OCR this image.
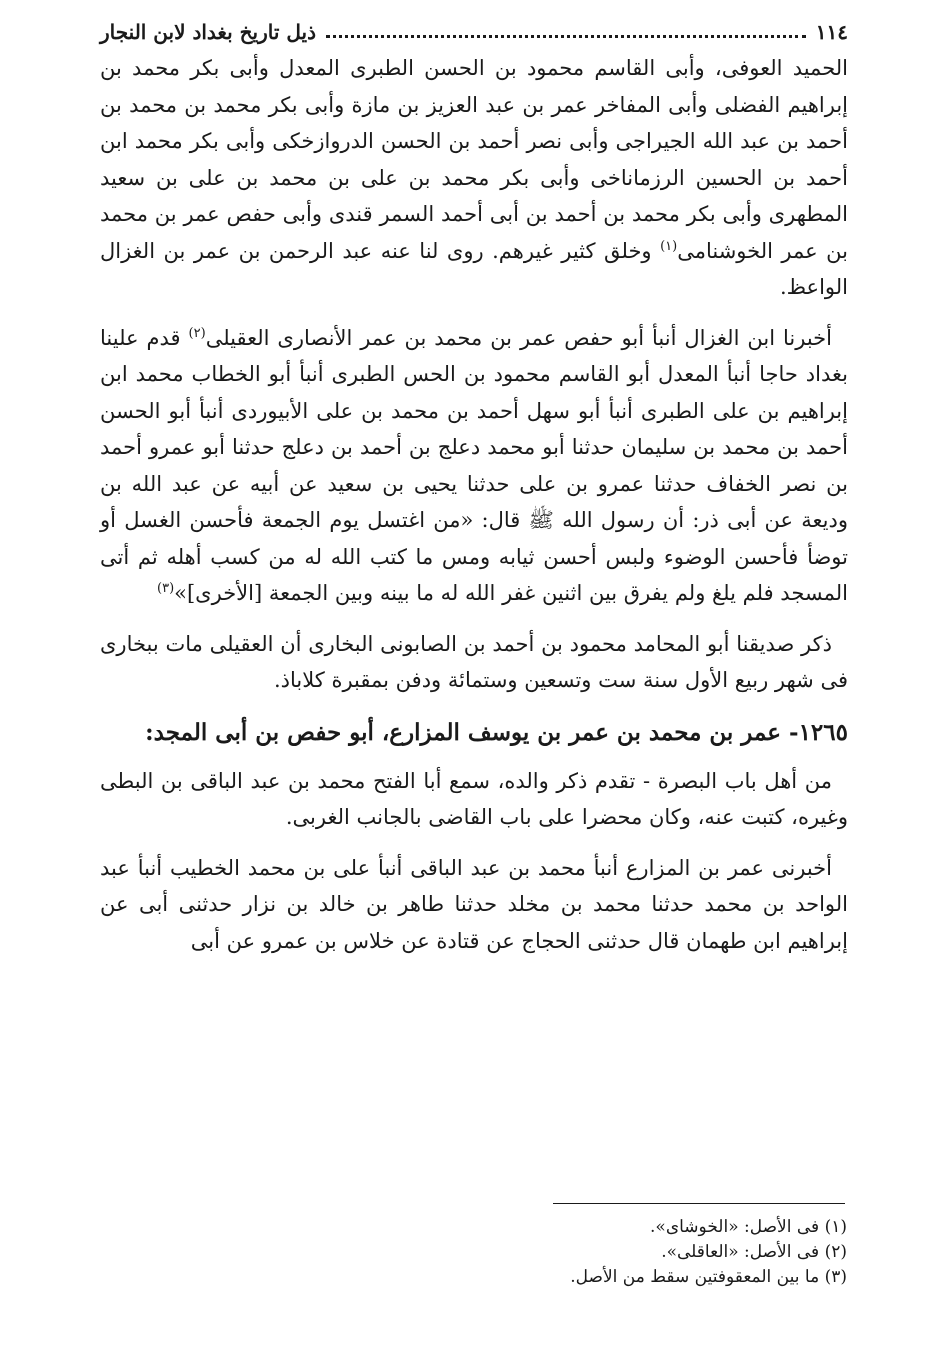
١١٤
ذيل تاريخ بغداد لابن النجار

الحميد العوفى، وأبى القاسم محمود بن الحسن الطبرى المعدل وأبى بكر محمد بن إبراهيم الفضلى وأبى المفاخر عمر بن عبد العزيز بن مازة وأبى بكر محمد بن محمد بن أحمد بن عبد الله الجيراجى وأبى نصر أحمد بن الحسن الدروازخكى وأبى بكر محمد ابن أحمد بن الحسين الرزماناخى وأبى بكر محمد بن على بن محمد بن على بن سعيد المطهرى وأبى بكر محمد بن أحمد بن أبى أحمد السمر قندى وأبى حفص عمر بن محمد بن عمر الخوشنامى$^{(١)}$ وخلق كثير غيرهم. روى لنا عنه عبد الرحمن بن عمر بن الغزال الواعظ.

أخبرنا ابن الغزال أنبأ أبو حفص عمر بن محمد بن عمر الأنصارى العقيلى$^{(٢)}$ قدم علينا بغداد حاجا أنبأ المعدل أبو القاسم محمود بن الحس الطبرى أنبأ أبو الخطاب محمد ابن إبراهيم بن على الطبرى أنبأ أبو سهل أحمد بن محمد بن على الأبيوردى أنبأ أبو الحسن أحمد بن محمد بن سليمان حدثنا أبو محمد دعلج بن أحمد بن دعلج حدثنا أبو عمرو أحمد بن نصر الخفاف حدثنا عمرو بن على حدثنا يحيى بن سعيد عن أبيه عن عبد الله بن وديعة عن أبى ذر: أن رسول الله ﷺ قال: «من اغتسل يوم الجمعة فأحسن الغسل أو توضأ فأحسن الوضوء ولبس أحسن ثيابه ومس ما كتب الله له من كسب أهله ثم أتى المسجد فلم يلغ ولم يفرق بين اثنين غفر الله له ما بينه وبين الجمعة [الأخرى]»$^{(٣)}$

ذكر صديقنا أبو المحامد محمود بن أحمد بن الصابونى البخارى أن العقيلى مات ببخارى فى شهر ربيع الأول سنة ست وتسعين وستمائة ودفن بمقبرة كلاباذ.

١٢٦٥- عمر بن محمد بن عمر بن يوسف المزارع، أبو حفص بن أبى المجد:

من أهل باب البصرة - تقدم ذكر والده، سمع أبا الفتح محمد بن عبد الباقى بن البطى وغيره، كتبت عنه، وكان محضرا على باب القاضى بالجانب الغربى.

أخبرنى عمر بن المزارع أنبأ محمد بن عبد الباقى أنبأ على بن محمد الخطيب أنبأ عبد الواحد بن محمد حدثنا محمد بن مخلد حدثنا طاهر بن خالد بن نزار حدثنى أبى عن إبراهيم ابن طهمان قال حدثنى الحجاج عن قتادة عن خلاس بن عمرو عن أبى

(١) فى الأصل: «الخوشاى».

(٢) فى الأصل: «العاقلى».

(٣) ما بين المعقوفتين سقط من الأصل.
